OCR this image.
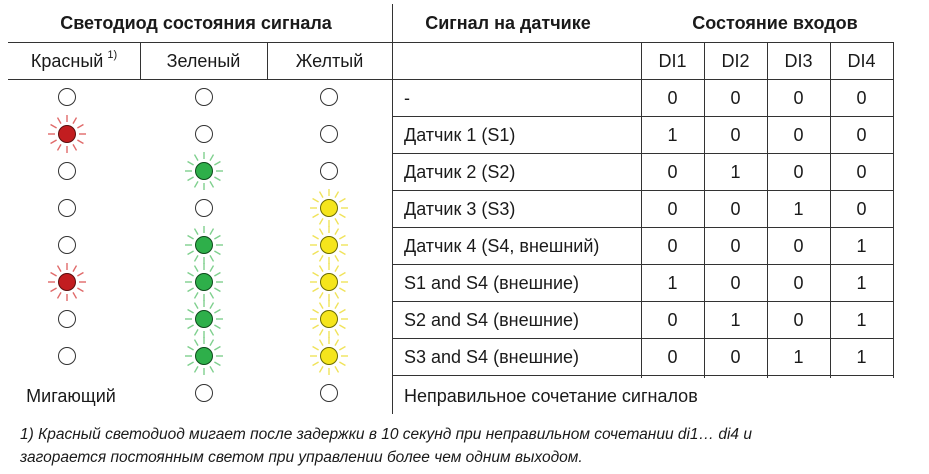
Светодиод состояния сигнала	Сигнал на датчике	Состояние входов
Красный $^{1)}$	Зеленый	Желтый	DI1	DI2	DI3	DI4
-	0	0	0	0
Датчик 1 (S1)	1	0	0	0
Датчик 2 (S2)	0	1	0	0
Датчик 3 (S3)	0	0	1	0
Датчик 4 (S4, внешний)	0	0	0	1
S1 and S4 (внешние)	1	0	0	1
S2 and S4 (внешние)	0	1	0	1
S3 and S4 (внешние)	0	0	1	1
Мигающий	Неправильное сочетание сигналов
1) Красный светодиод мигает после задержки в 10 секунд при неправильном сочетании di1… di4 и
загорается постоянным светом при управлении более чем одним выходом.
